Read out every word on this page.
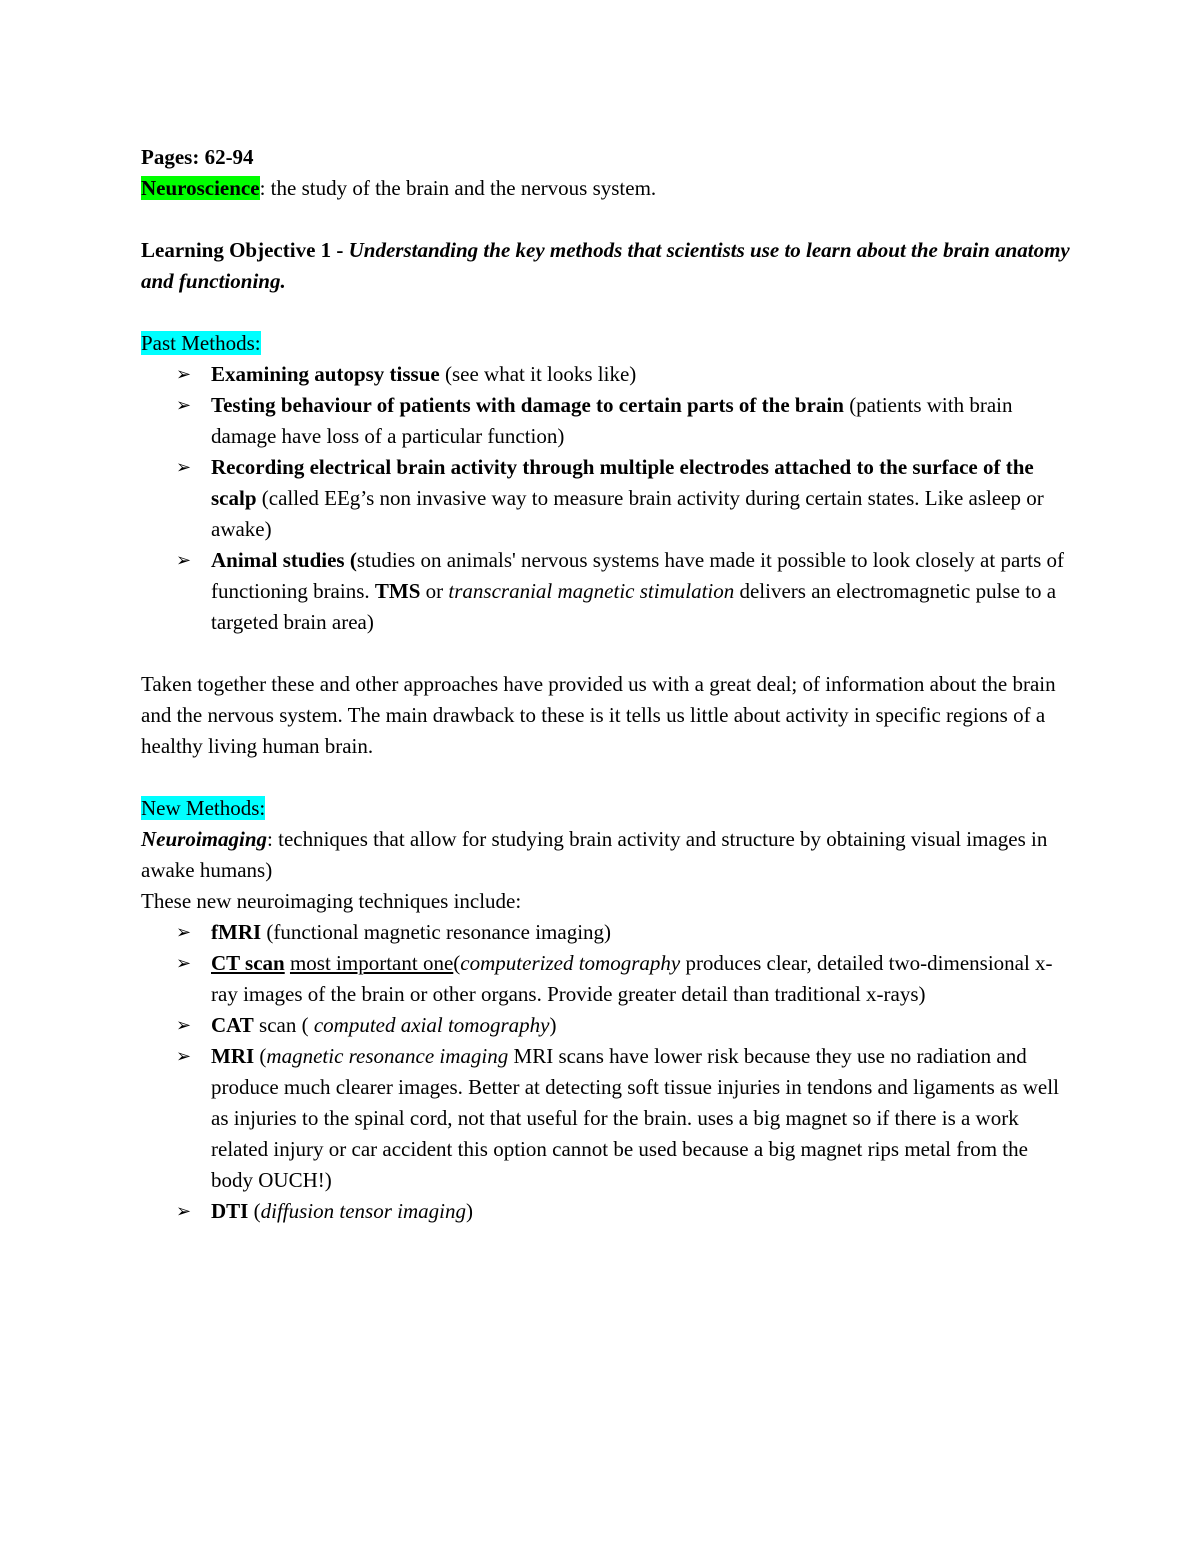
Pages: 62-94

Neuroscience: the study of the brain and the nervous system.

Learning Objective 1 - Understanding the key methods that scientists use to learn about the brain anatomy and functioning.

Past Methods:

➢ Examining autopsy tissue (see what it looks like)
➢ Testing behaviour of patients with damage to certain parts of the brain (patients with brain damage have loss of a particular function)
➢ Recording electrical brain activity through multiple electrodes attached to the surface of the scalp (called EEg’s non invasive way to measure brain activity during certain states. Like asleep or awake)
➢ Animal studies (studies on animals' nervous systems have made it possible to look closely at parts of functioning brains. TMS or transcranial magnetic stimulation delivers an electromagnetic pulse to a targeted brain area)

Taken together these and other approaches have provided us with a great deal; of information about the brain and the nervous system. The main drawback to these is it tells us little about activity in specific regions of a healthy living human brain.

New Methods:

Neuroimaging: techniques that allow for studying brain activity and structure by obtaining visual images in awake humans)

These new neuroimaging techniques include:

➢ fMRI (functional magnetic resonance imaging)
➢ CT scan most important one(computerized tomography produces clear, detailed two-dimensional x-ray images of the brain or other organs. Provide greater detail than traditional x-rays)
➢ CAT scan ( computed axial tomography)
➢ MRI (magnetic resonance imaging MRI scans have lower risk because they use no radiation and produce much clearer images. Better at detecting soft tissue injuries in tendons and ligaments as well as injuries to the spinal cord, not that useful for the brain. uses a big magnet so if there is a work related injury or car accident this option cannot be used because a big magnet rips metal from the body OUCH!)
➢ DTI (diffusion tensor imaging)
